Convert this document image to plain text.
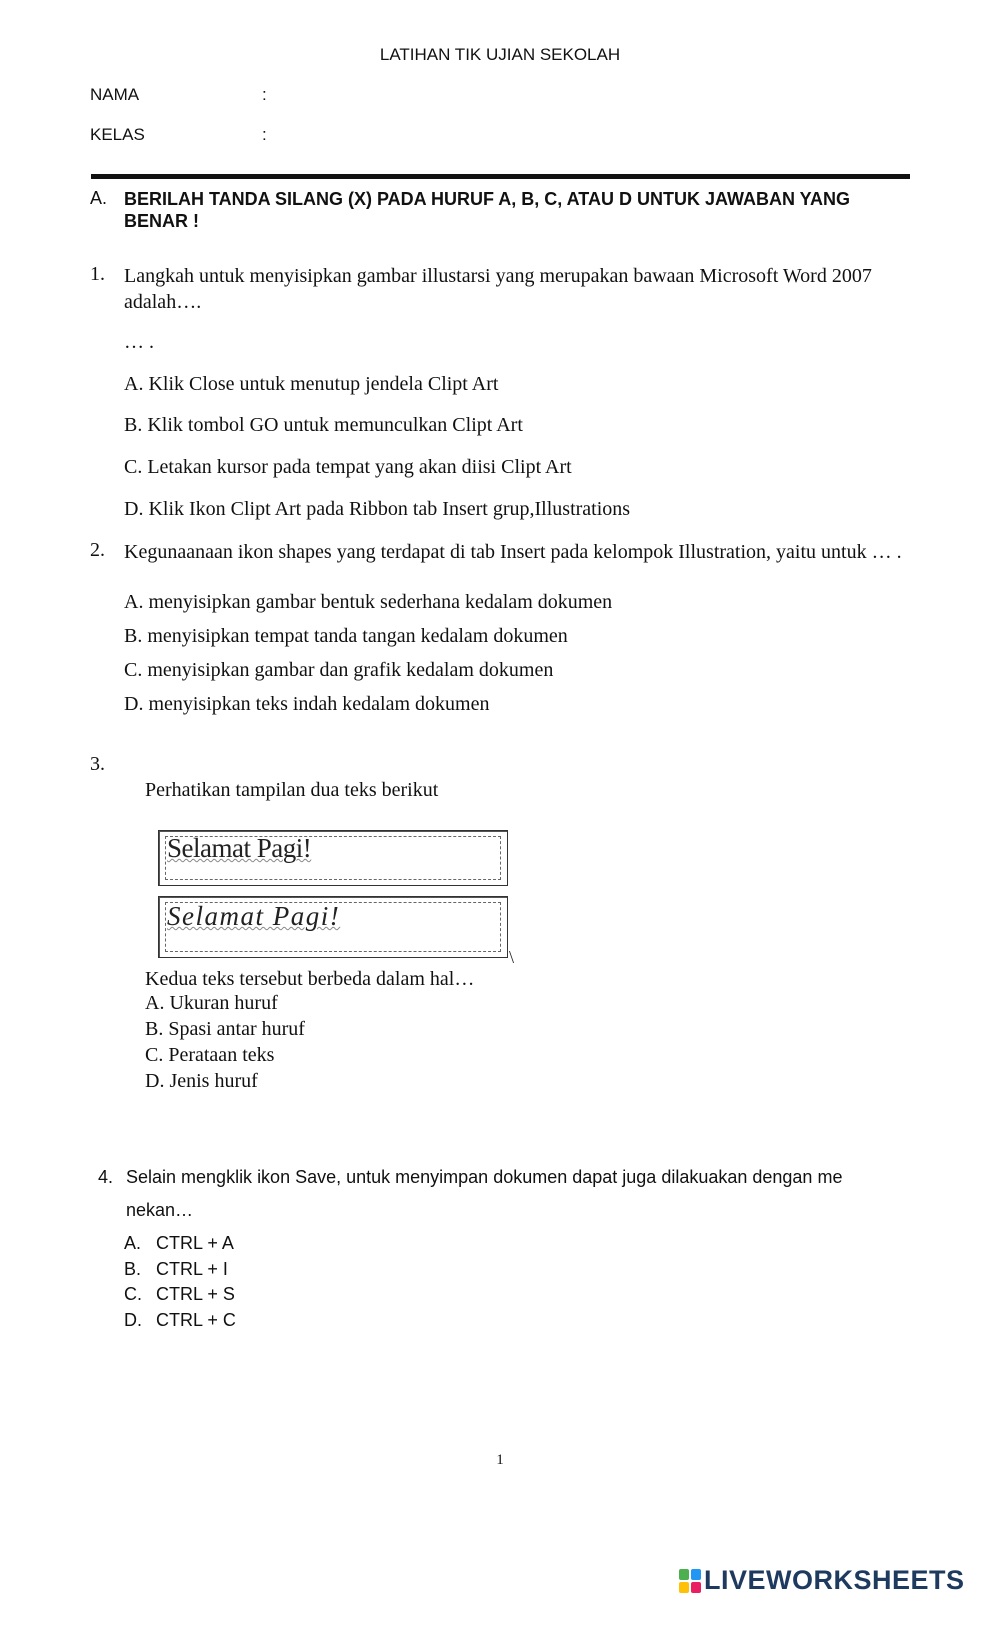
LATIHAN TIK UJIAN SEKOLAH
NAMA	:
KELAS	:
A. BERILAH TANDA SILANG (X) PADA HURUF A, B, C, ATAU D UNTUK JAWABAN YANG BENAR !
1. Langkah untuk menyisipkan gambar illustarsi yang merupakan bawaan Microsoft Word 2007 adalah….
… .
A. Klik Close untuk menutup jendela Clipt Art
B. Klik tombol GO untuk memunculkan Clipt Art
C. Letakan kursor pada tempat yang akan diisi Clipt Art
D. Klik Ikon Clipt Art pada Ribbon tab Insert grup,Illustrations
2. Kegunaanaan ikon shapes yang terdapat di tab Insert pada kelompok Illustration, yaitu untuk … .
A. menyisipkan gambar bentuk sederhana kedalam dokumen
B. menyisipkan tempat tanda tangan kedalam dokumen
C. menyisipkan gambar dan grafik kedalam dokumen
D. menyisipkan teks indah kedalam dokumen
3.
Perhatikan tampilan dua teks berikut
Selamat Pagi!
Selamat Pagi!
\
Kedua teks tersebut berbeda dalam hal…
A. Ukuran huruf
B. Spasi antar huruf
C. Perataan teks
D. Jenis huruf
4. Selain mengklik ikon Save, untuk menyimpan dokumen dapat juga dilakuakan dengan me
nekan…
A. CTRL + A
B. CTRL + I
C. CTRL + S
D. CTRL + C
1
LIVEWORKSHEETS
